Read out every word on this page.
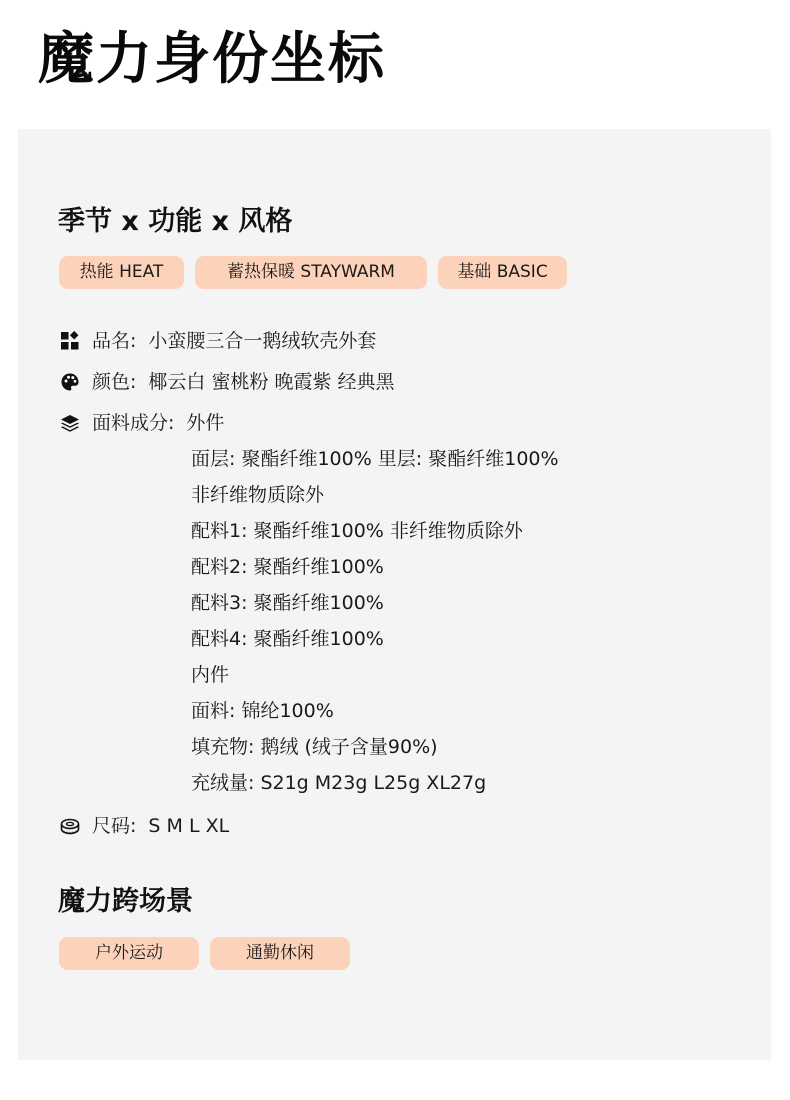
魔力身份坐标
季节 x 功能 x 风格
热能 HEAT	蓄热保暖 STAYWARM	基础 BASIC
品名: 小蛮腰三合一鹅绒软壳外套
颜色: 椰云白 蜜桃粉 晚霞紫 经典黑
面料成分: 外件
面层: 聚酯纤维100% 里层: 聚酯纤维100%
非纤维物质除外
配料1: 聚酯纤维100% 非纤维物质除外
配料2: 聚酯纤维100%
配料3: 聚酯纤维100%
配料4: 聚酯纤维100%
内件
面料: 锦纶100%
填充物: 鹅绒 (绒子含量90%)
充绒量: S21g M23g L25g XL27g
尺码: S M L XL
魔力跨场景
户外运动	通勤休闲
